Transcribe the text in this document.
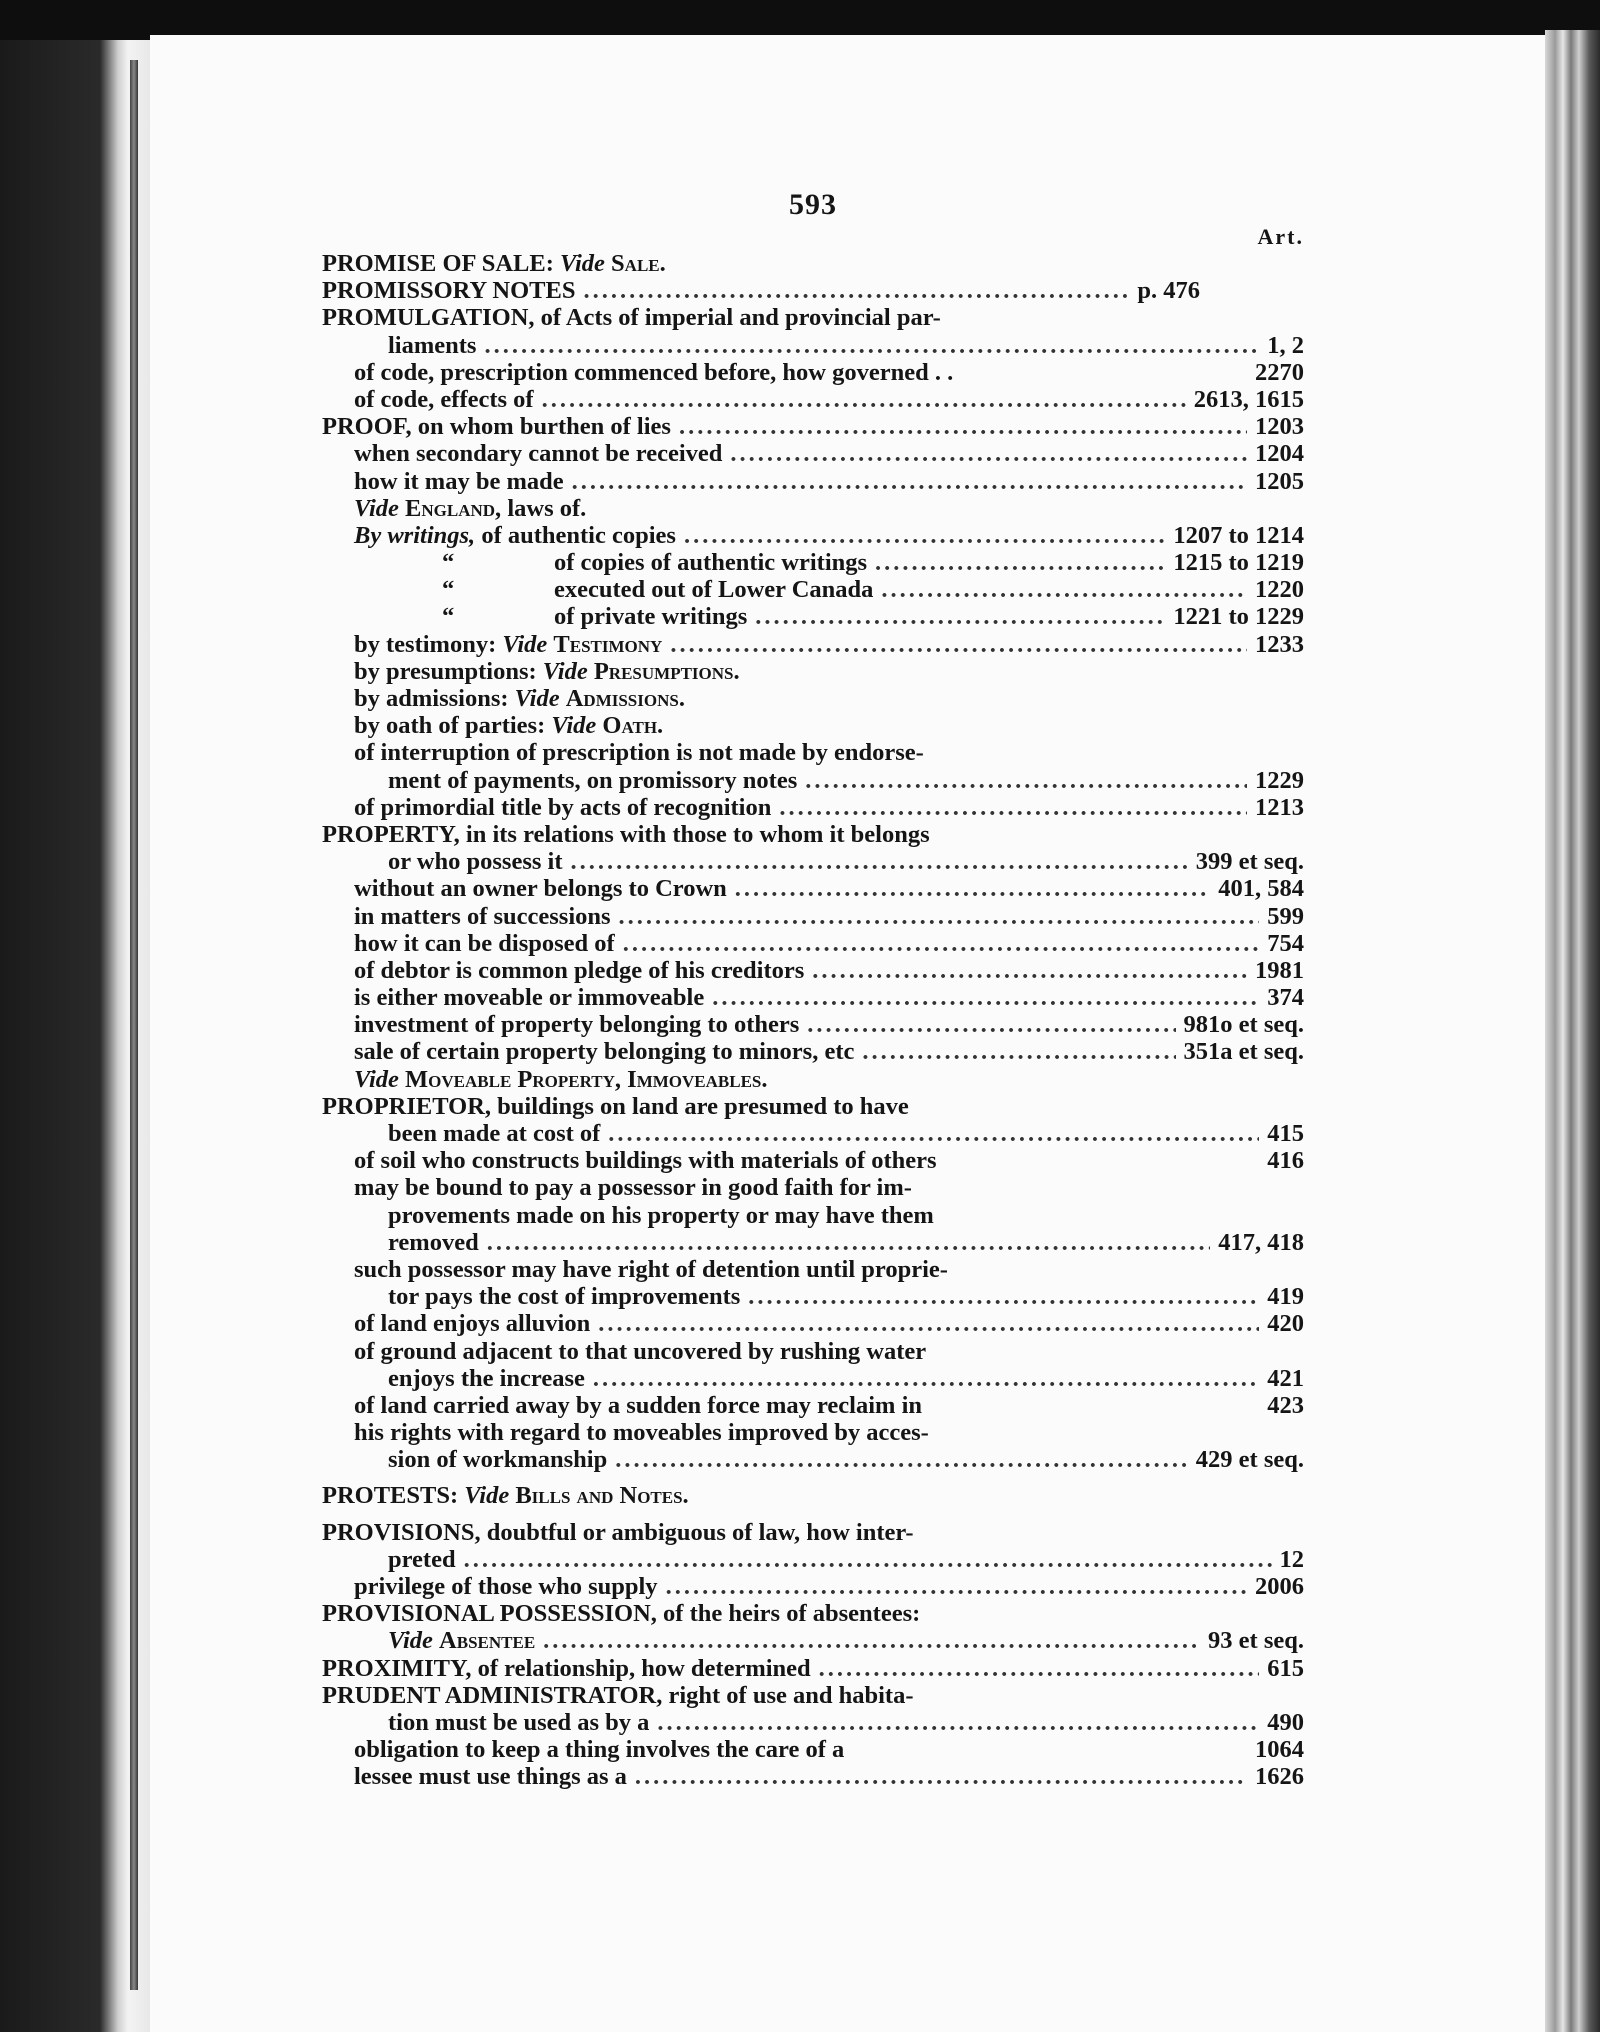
593
Art.
PROMISE OF SALE: Vide Sale.
PROMISSORY NOTES .....	p. 476
PROMULGATION, of Acts of imperial and provincial par-
liaments .....	1, 2
of code, prescription commenced before, how governed . .	2270
of code, effects of .....	2613, 1615
PROOF, on whom burthen of lies .....	1203
when secondary cannot be received .....	1204
how it may be made .....	1205
Vide England, laws of.
By writings, of authentic copies .....	1207 to 1214
“	of copies of authentic writings .....	1215 to 1219
“	executed out of Lower Canada .....	1220
“	of private writings .....	1221 to 1229
by testimony: Vide Testimony .....	1233
by presumptions: Vide Presumptions.
by admissions: Vide Admissions.
by oath of parties: Vide Oath.
of interruption of prescription is not made by endorse-
ment of payments, on promissory notes .....	1229
of primordial title by acts of recognition .....	1213
PROPERTY, in its relations with those to whom it belongs
or who possess it .....	399 et seq.
without an owner belongs to Crown .....	401, 584
in matters of successions .....	599
how it can be disposed of .....	754
of debtor is common pledge of his creditors .....	1981
is either moveable or immoveable .....	374
investment of property belonging to others .....	981o et seq.
sale of certain property belonging to minors, etc .....	351a et seq.
Vide Moveable Property, Immoveables.
PROPRIETOR, buildings on land are presumed to have
been made at cost of .....	415
of soil who constructs buildings with materials of others	416
may be bound to pay a possessor in good faith for im-
provements made on his property or may have them
removed .....	417, 418
such possessor may have right of detention until proprie-
tor pays the cost of improvements .....	419
of land enjoys alluvion .....	420
of ground adjacent to that uncovered by rushing water
enjoys the increase .....	421
of land carried away by a sudden force may reclaim in	423
his rights with regard to moveables improved by acces-
sion of workmanship .....	429 et seq.
PROTESTS: Vide Bills and Notes.
PROVISIONS, doubtful or ambiguous of law, how inter-
preted .....	12
privilege of those who supply .....	2006
PROVISIONAL POSSESSION, of the heirs of absentees:
Vide Absentee .....	93 et seq.
PROXIMITY, of relationship, how determined .....	615
PRUDENT ADMINISTRATOR, right of use and habita-
tion must be used as by a .....	490
obligation to keep a thing involves the care of a	1064
lessee must use things as a .....	1626
